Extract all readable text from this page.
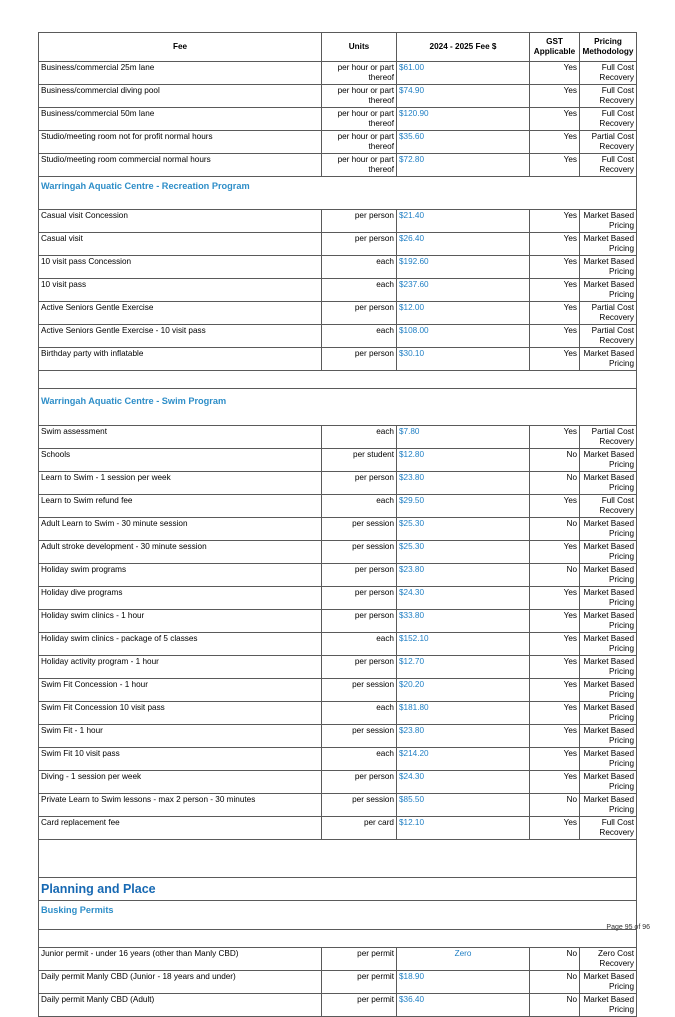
Fee	Units	2024 - 2025 Fee $	GST Applicable	Pricing Methodology
Business/commercial 25m lane	per hour or part thereof	$61.00	Yes	Full Cost Recovery
Business/commercial diving pool	per hour or part thereof	$74.90	Yes	Full Cost Recovery
Business/commercial 50m lane	per hour or part thereof	$120.90	Yes	Full Cost Recovery
Studio/meeting room not for profit normal hours	per hour or part thereof	$35.60	Yes	Partial Cost Recovery
Studio/meeting room commercial normal hours	per hour or part thereof	$72.80	Yes	Full Cost Recovery
Warringah Aquatic Centre - Recreation Program				
Casual visit Concession	per person	$21.40	Yes	Market Based Pricing
Casual visit	per person	$26.40	Yes	Market Based Pricing
10 visit pass Concession	each	$192.60	Yes	Market Based Pricing
10 visit pass	each	$237.60	Yes	Market Based Pricing
Active Seniors Gentle Exercise	per person	$12.00	Yes	Partial Cost Recovery
Active Seniors Gentle Exercise - 10 visit pass	each	$108.00	Yes	Partial Cost Recovery
Birthday party with inflatable	per person	$30.10	Yes	Market Based Pricing

Warringah Aquatic Centre - Swim Program				
Swim assessment	each	$7.80	Yes	Partial Cost Recovery
Schools	per student	$12.80	No	Market Based Pricing
Learn to Swim - 1 session per week	per person	$23.80	No	Market Based Pricing
Learn to Swim refund fee	each	$29.50	Yes	Full Cost Recovery
Adult Learn to Swim - 30 minute session	per session	$25.30	No	Market Based Pricing
Adult stroke development - 30 minute session	per session	$25.30	Yes	Market Based Pricing
Holiday swim programs	per person	$23.80	No	Market Based Pricing
Holiday dive programs	per person	$24.30	Yes	Market Based Pricing
Holiday swim clinics - 1 hour	per person	$33.80	Yes	Market Based Pricing
Holiday swim clinics - package of 5 classes	each	$152.10	Yes	Market Based Pricing
Holiday activity program - 1 hour	per person	$12.70	Yes	Market Based Pricing
Swim Fit Concession - 1 hour	per session	$20.20	Yes	Market Based Pricing
Swim Fit Concession 10 visit pass	each	$181.80	Yes	Market Based Pricing
Swim Fit - 1 hour	per session	$23.80	Yes	Market Based Pricing
Swim Fit 10 visit pass	each	$214.20	Yes	Market Based Pricing
Diving - 1 session per week	per person	$24.30	Yes	Market Based Pricing
Private Learn to Swim lessons - max 2 person - 30 minutes	per session	$85.50	No	Market Based Pricing
Card replacement fee	per card	$12.10	Yes	Full Cost Recovery

Planning and Place				
Busking Permits				

Junior permit - under 16 years (other than Manly CBD)	per permit	Zero	No	Zero Cost Recovery
Daily permit Manly CBD (Junior - 18 years and under)	per permit	$18.90	No	Market Based Pricing
Daily permit Manly CBD (Adult)	per permit	$36.40	No	Market Based Pricing
Page 95 of 96
